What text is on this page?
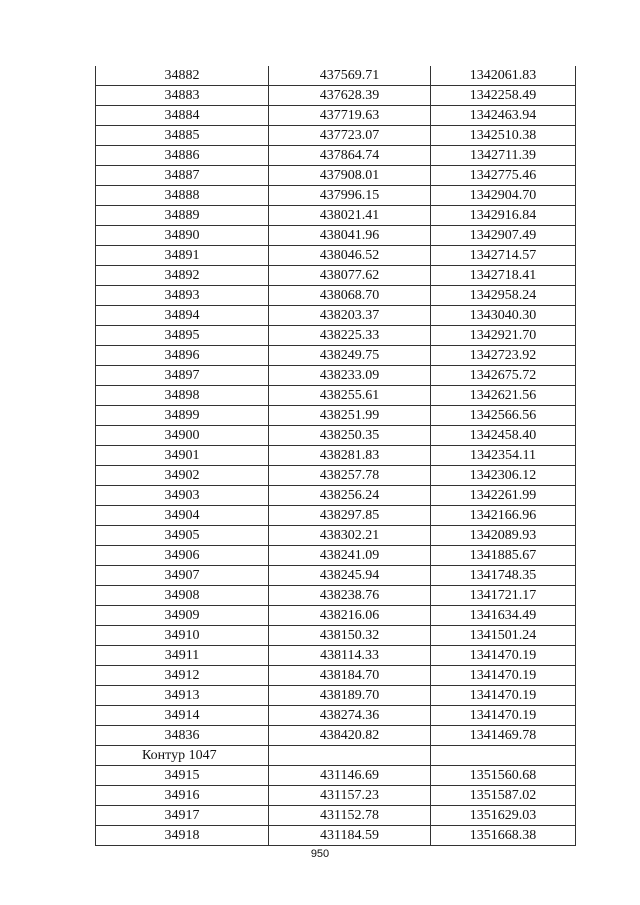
34882	437569.71	1342061.83
34883	437628.39	1342258.49
34884	437719.63	1342463.94
34885	437723.07	1342510.38
34886	437864.74	1342711.39
34887	437908.01	1342775.46
34888	437996.15	1342904.70
34889	438021.41	1342916.84
34890	438041.96	1342907.49
34891	438046.52	1342714.57
34892	438077.62	1342718.41
34893	438068.70	1342958.24
34894	438203.37	1343040.30
34895	438225.33	1342921.70
34896	438249.75	1342723.92
34897	438233.09	1342675.72
34898	438255.61	1342621.56
34899	438251.99	1342566.56
34900	438250.35	1342458.40
34901	438281.83	1342354.11
34902	438257.78	1342306.12
34903	438256.24	1342261.99
34904	438297.85	1342166.96
34905	438302.21	1342089.93
34906	438241.09	1341885.67
34907	438245.94	1341748.35
34908	438238.76	1341721.17
34909	438216.06	1341634.49
34910	438150.32	1341501.24
34911	438114.33	1341470.19
34912	438184.70	1341470.19
34913	438189.70	1341470.19
34914	438274.36	1341470.19
34836	438420.82	1341469.78
Контур 1047		
34915	431146.69	1351560.68
34916	431157.23	1351587.02
34917	431152.78	1351629.03
34918	431184.59	1351668.38
950
